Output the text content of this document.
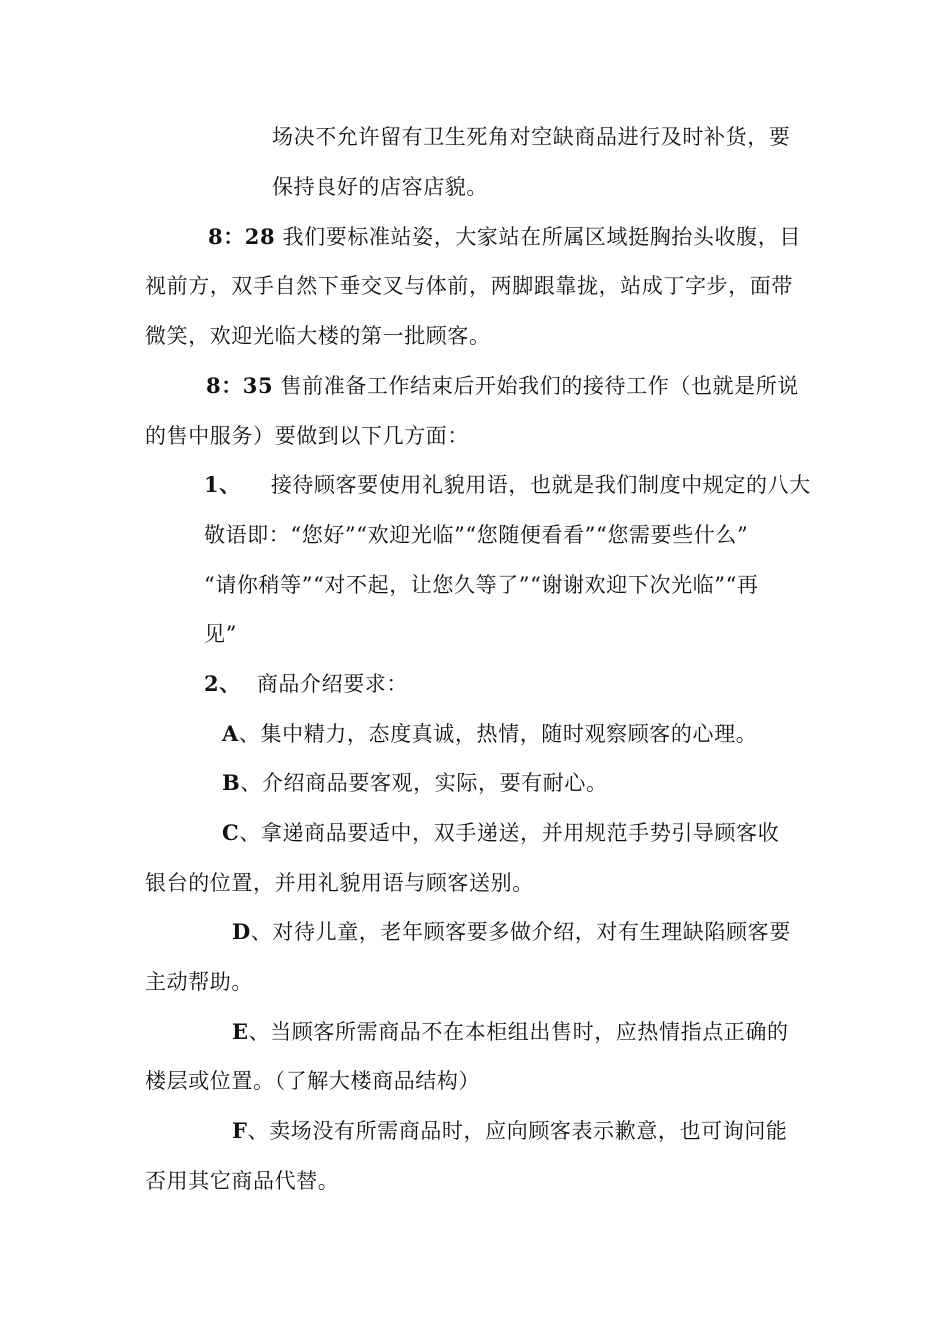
场决不允许留有卫生死角对空缺商品进行及时补货，要
保持良好的店容店貌。
8：28 我们要标准站姿，大家站在所属区域挺胸抬头收腹，目
视前方，双手自然下垂交叉与体前，两脚跟靠拢，站成丁字步，面带
微笑，欢迎光临大楼的第一批顾客。
8：35 售前准备工作结束后开始我们的接待工作（也就是所说
的售中服务）要做到以下几方面：
1、 接待顾客要使用礼貌用语，也就是我们制度中规定的八大
敬语即：“您好”“欢迎光临”“您随便看看”“您需要些什么”
“请你稍等”“对不起，让您久等了”“谢谢欢迎下次光临”“再
见”
2、 商品介绍要求：
A、集中精力，态度真诚，热情，随时观察顾客的心理。
B、介绍商品要客观，实际，要有耐心。
C、拿递商品要适中，双手递送，并用规范手势引导顾客收
银台的位置，并用礼貌用语与顾客送别。
D、对待儿童，老年顾客要多做介绍，对有生理缺陷顾客要
主动帮助。
E、当顾客所需商品不在本柜组出售时，应热情指点正确的
楼层或位置。（了解大楼商品结构）
F、卖场没有所需商品时，应向顾客表示歉意，也可询问能
否用其它商品代替。
